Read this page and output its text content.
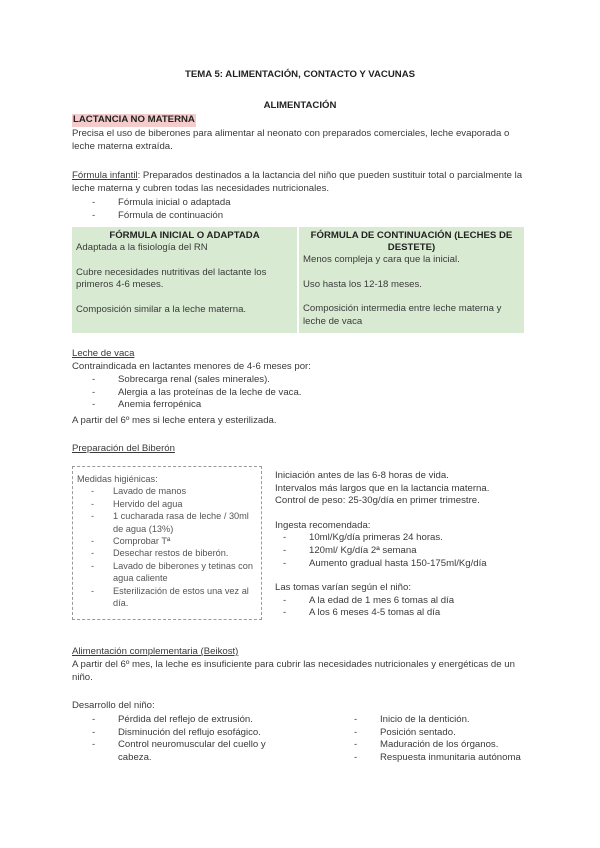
TEMA 5: ALIMENTACIÓN, CONTACTO Y VACUNAS
ALIMENTACIÓN
LACTANCIA NO MATERNA
Precisa el uso de biberones para alimentar al neonato con preparados comerciales, leche evaporada o leche materna extraída.
Fórmula infantil: Preparados destinados a la lactancia del niño que pueden sustituir total o parcialmente la leche materna y cubren todas las necesidades nutricionales.
- Fórmula inicial o adaptada
- Fórmula de continuación
FÓRMULA INICIAL O ADAPTADA

Adaptada a la fisiología del RN

Cubre necesidades nutritivas del lactante los primeros 4-6 meses.

Composición similar a la leche materna.

FÓRMULA DE CONTINUACIÓN (LECHES DE DESTETE)

Menos compleja y cara que la inicial.

Uso hasta los 12-18 meses.

Composición intermedia entre leche materna y leche de vaca

Leche de vaca
Contraindicada en lactantes menores de 4-6 meses por:
- Sobrecarga renal (sales minerales).
- Alergia a las proteínas de la leche de vaca.
- Anemia ferropénica
A partir del 6º mes si leche entera y esterilizada.
Preparación del Biberón
Medidas higiénicas:
- Lavado de manos
- Hervido del agua
- 1 cucharada rasa de leche / 30ml de agua (13%)
- Comprobar Tª
- Desechar restos de biberón.
- Lavado de biberones y tetinas con agua caliente
- Esterilización de estos una vez al día.
Iniciación antes de las 6-8 horas de vida.
Intervalos más largos que en la lactancia materna.
Control de peso: 25-30g/día en primer trimestre.
Ingesta recomendada:
- 10ml/Kg/día primeras 24 horas.
- 120ml/ Kg/día 2ª semana
- Aumento gradual hasta 150-175ml/Kg/día
Las tomas varían según el niño:
- A la edad de 1 mes 6 tomas al día
- A los 6 meses 4-5 tomas al día
Alimentación complementaria (Beikost)
A partir del 6º mes, la leche es insuficiente para cubrir las necesidades nutricionales y energéticas de un niño.
Desarrollo del niño:
- Pérdida del reflejo de extrusión.
- Disminución del reflujo esofágico.
- Control neuromuscular del cuello y cabeza.
- Inicio de la dentición.
- Posición sentado.
- Maduración de los órganos.
- Respuesta inmunitaria autónoma
